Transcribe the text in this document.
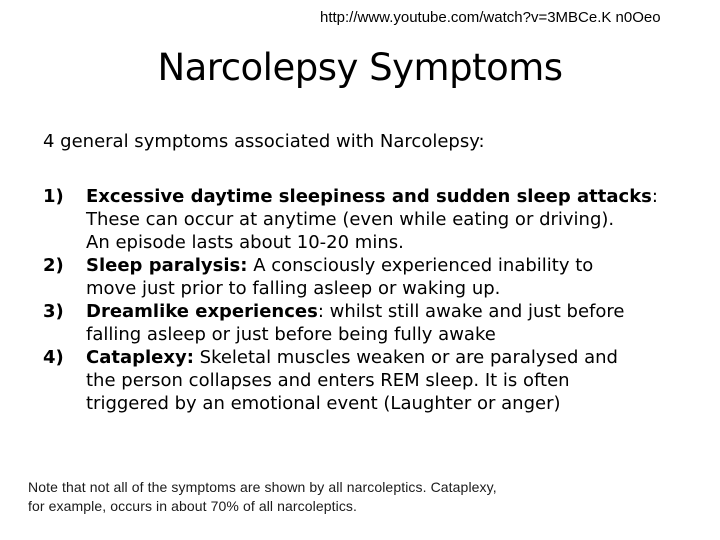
http://www.youtube.com/watch?v=3MBCe.K n0Oeo
Narcolepsy Symptoms
4 general symptoms associated with Narcolepsy:
1) Excessive daytime sleepiness and sudden sleep attacks:
These can occur at anytime (even while eating or driving).
An episode lasts about 10-20 mins.
2) Sleep paralysis: A consciously experienced inability to
move just prior to falling asleep or waking up.
3) Dreamlike experiences: whilst still awake and just before
falling asleep or just before being fully awake
4) Cataplexy: Skeletal muscles weaken or are paralysed and
the person collapses and enters REM sleep. It is often
triggered by an emotional event (Laughter or anger)
Note that not all of the symptoms are shown by all narcoleptics. Cataplexy,
for example, occurs in about 70% of all narcoleptics.
